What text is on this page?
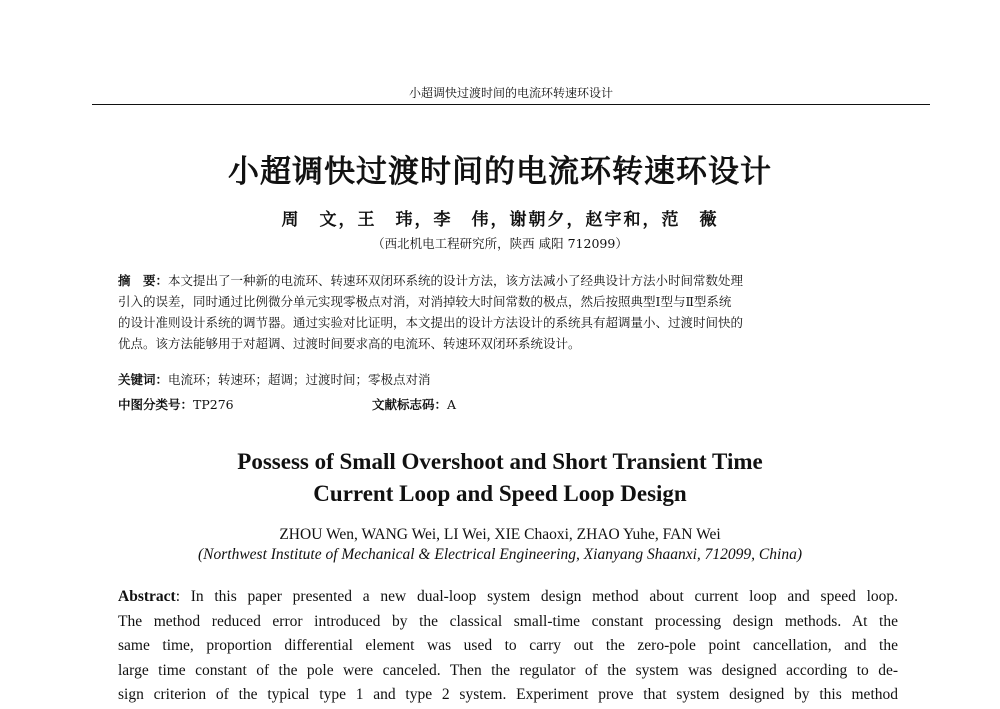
小超调快过渡时间的电流环转速环设计
小超调快过渡时间的电流环转速环设计
周　文，王　玮，李　伟，谢朝夕，赵宇和，范　薇
（西北机电工程研究所，陕西 咸阳 712099）
摘　要：本文提出了一种新的电流环、转速环双闭环系统的设计方法，该方法减小了经典设计方法小时间常数处理
引入的误差，同时通过比例微分单元实现零极点对消，对消掉较大时间常数的极点，然后按照典型Ⅰ型与Ⅱ型系统
的设计准则设计系统的调节器。通过实验对比证明，本文提出的设计方法设计的系统具有超调量小、过渡时间快的
优点。该方法能够用于对超调、过渡时间要求高的电流环、转速环双闭环系统设计。
关键词：电流环；转速环；超调；过渡时间；零极点对消
中图分类号：TP276	文献标志码：A
Possess of Small Overshoot and Short Transient Time
Current Loop and Speed Loop Design
ZHOU Wen, WANG Wei, LI Wei, XIE Chaoxi, ZHAO Yuhe, FAN Wei
(Northwest Institute of Mechanical & Electrical Engineering, Xianyang Shaanxi, 712099, China)
Abstract: In this paper presented a new dual-loop system design method about current loop and speed loop.
The method reduced error introduced by the classical small-time constant processing design methods. At the
same time, proportion differential element was used to carry out the zero-pole point cancellation, and the
large time constant of the pole were canceled. Then the regulator of the system was designed according to de-
sign criterion of the typical type 1 and type 2 system. Experiment prove that system designed by this method
